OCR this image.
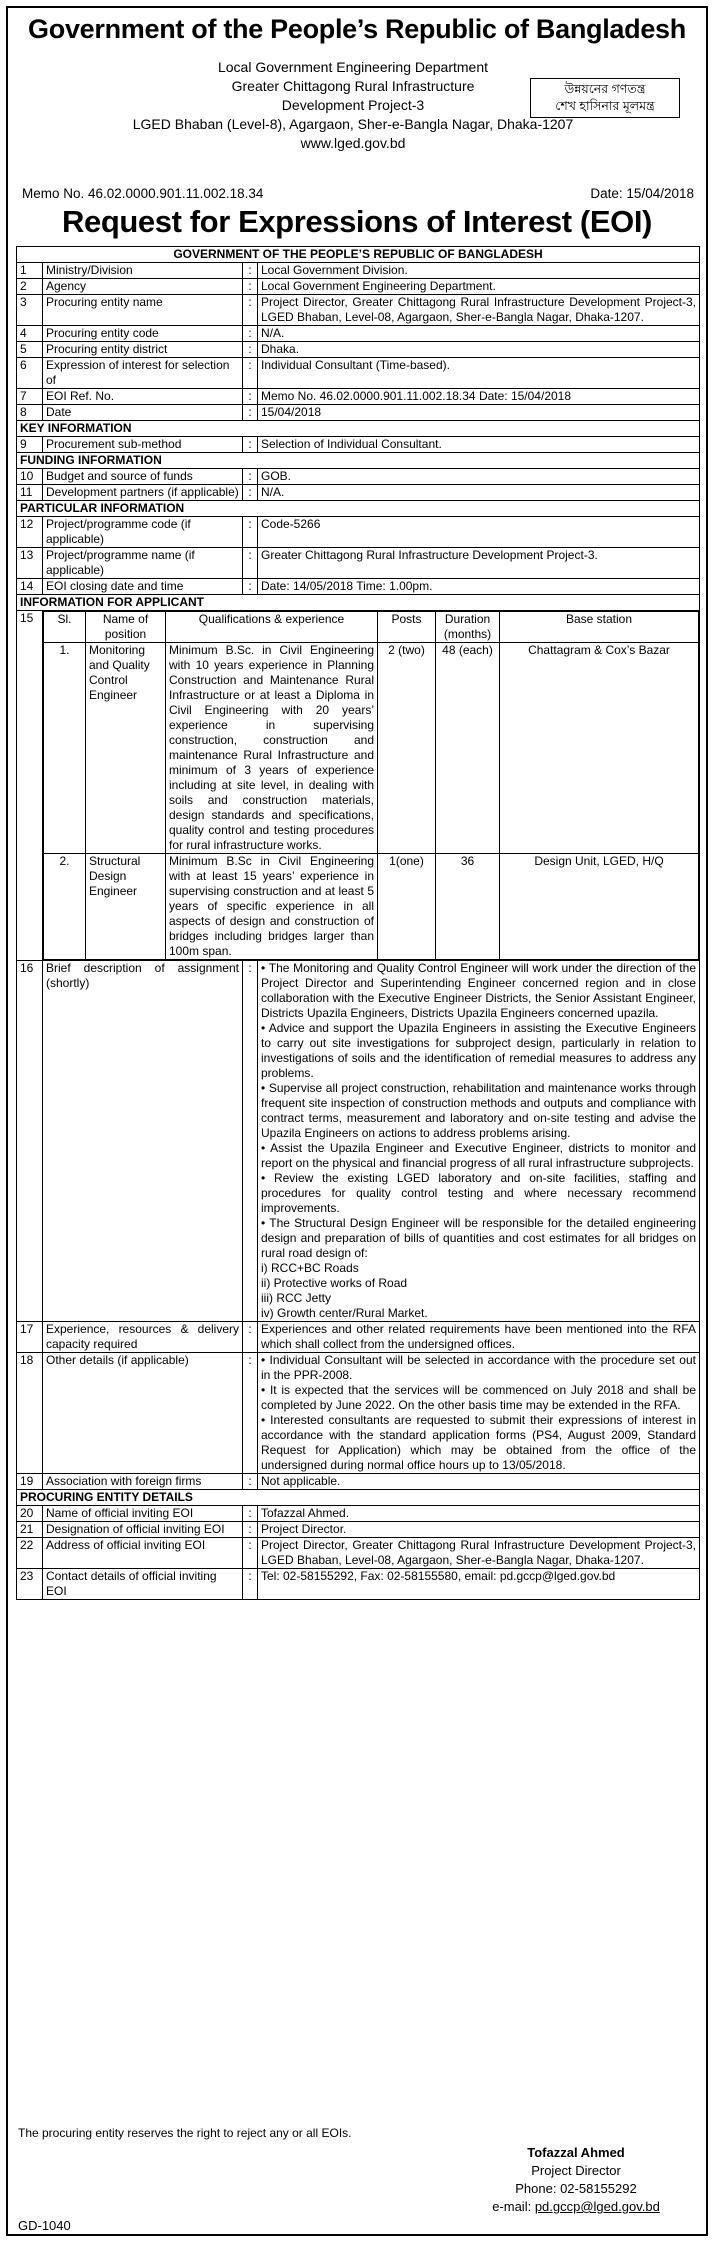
Government of the People’s Republic of Bangladesh
Local Government Engineering Department
Greater Chittagong Rural Infrastructure
Development Project-3
LGED Bhaban (Level-8), Agargaon, Sher-e-Bangla Nagar, Dhaka-1207
www.lged.gov.bd
উন্নয়নের গণতন্ত্র
শেখ হাসিনার মূলমন্ত্র
Memo No. 46.02.0000.901.11.002.18.34	Date: 15/04/2018
Request for Expressions of Interest (EOI)
GOVERNMENT OF THE PEOPLE’S REPUBLIC OF BANGLADESH
1	Ministry/Division	:	Local Government Division.
2	Agency	:	Local Government Engineering Department.
3	Procuring entity name	:	Project Director, Greater Chittagong Rural Infrastructure Development Project-3, LGED Bhaban, Level-08, Agargaon, Sher-e-Bangla Nagar, Dhaka-1207.
4	Procuring entity code	:	N/A.
5	Procuring entity district	:	Dhaka.
6	Expression of interest for selection of	:	Individual Consultant (Time-based).
7	EOI Ref. No.	:	Memo No. 46.02.0000.901.11.002.18.34 Date: 15/04/2018
8	Date	:	15/04/2018
KEY INFORMATION
9	Procurement sub-method	:	Selection of Individual Consultant.
FUNDING INFORMATION
10	Budget and source of funds	:	GOB.
11	Development partners (if applicable)	:	N/A.
PARTICULAR INFORMATION
12	Project/programme code (if applicable)	:	Code-5266
13	Project/programme name (if applicable)	:	Greater Chittagong Rural Infrastructure Development Project-3.
14	EOI closing date and time	:	Date: 14/05/2018 Time: 1.00pm.
INFORMATION FOR APPLICANT
15	Sl.	Name of position	Qualifications & experience	Posts	Duration (months)	Base station
1.	Monitoring and Quality Control Engineer	Minimum B.Sc. in Civil Engineering with 10 years experience in Planning Construction and Maintenance Rural Infrastructure or at least a Diploma in Civil Engineering with 20 years’ experience in supervising construction, construction and maintenance Rural Infrastructure and minimum of 3 years of experience including at site level, in dealing with soils and construction materials, design standards and specifications, quality control and testing procedures for rural infrastructure works.	2 (two)	48 (each)	Chattagram & Cox’s Bazar
2.	Structural Design Engineer	Minimum B.Sc in Civil Engineering with at least 15 years’ experience in supervising construction and at least 5 years of specific experience in all aspects of design and construction of bridges including bridges larger than 100m span.	1(one)	36	Design Unit, LGED, H/Q

16	Brief description of assignment (shortly)	:	• The Monitoring and Quality Control Engineer will work under the direction of the Project Director and Superintending Engineer concerned region and in close collaboration with the Executive Engineer Districts, the Senior Assistant Engineer, Districts Upazila Engineers, Districts Upazila Engineers concerned upazila.
• Advice and support the Upazila Engineers in assisting the Executive Engineers to carry out site investigations for subproject design, particularly in relation to investigations of soils and the identification of remedial measures to address any problems.
• Supervise all project construction, rehabilitation and maintenance works through frequent site inspection of construction methods and outputs and compliance with contract terms, measurement and laboratory and on-site testing and advise the Upazila Engineers on actions to address problems arising.
• Assist the Upazila Engineer and Executive Engineer, districts to monitor and report on the physical and financial progress of all rural infrastructure subprojects.
• Review the existing LGED laboratory and on-site facilities, staffing and procedures for quality control testing and where necessary recommend improvements.
• The Structural Design Engineer will be responsible for the detailed engineering design and preparation of bills of quantities and cost estimates for all bridges on rural road design of:
i) RCC+BC Roads
ii) Protective works of Road
iii) RCC Jetty
iv) Growth center/Rural Market.

17	Experience, resources & delivery capacity required	:	Experiences and other related requirements have been mentioned into the RFA which shall collect from the undersigned offices.
18	Other details (if applicable)	:	• Individual Consultant will be selected in accordance with the procedure set out in the PPR-2008.
• It is expected that the services will be commenced on July 2018 and shall be completed by June 2022. On the other basis time may be extended in the RFA.
• Interested consultants are requested to submit their expressions of interest in accordance with the standard application forms (PS4, August 2009, Standard Request for Application) which may be obtained from the office of the undersigned during normal office hours up to 13/05/2018.

19	Association with foreign firms	:	Not applicable.
PROCURING ENTITY DETAILS
20	Name of official inviting EOI	:	Tofazzal Ahmed.
21	Designation of official inviting EOI	:	Project Director.
22	Address of official inviting EOI	:	Project Director, Greater Chittagong Rural Infrastructure Development Project-3, LGED Bhaban, Level-08, Agargaon, Sher-e-Bangla Nagar, Dhaka-1207.
23	Contact details of official inviting EOI	:	Tel: 02-58155292, Fax: 02-58155580, email: pd.gccp@lged.gov.bd
The procuring entity reserves the right to reject any or all EOIs.
Tofazzal Ahmed
Project Director
Phone: 02-58155292
e-mail: pd.gccp@lged.gov.bd
GD-1040
